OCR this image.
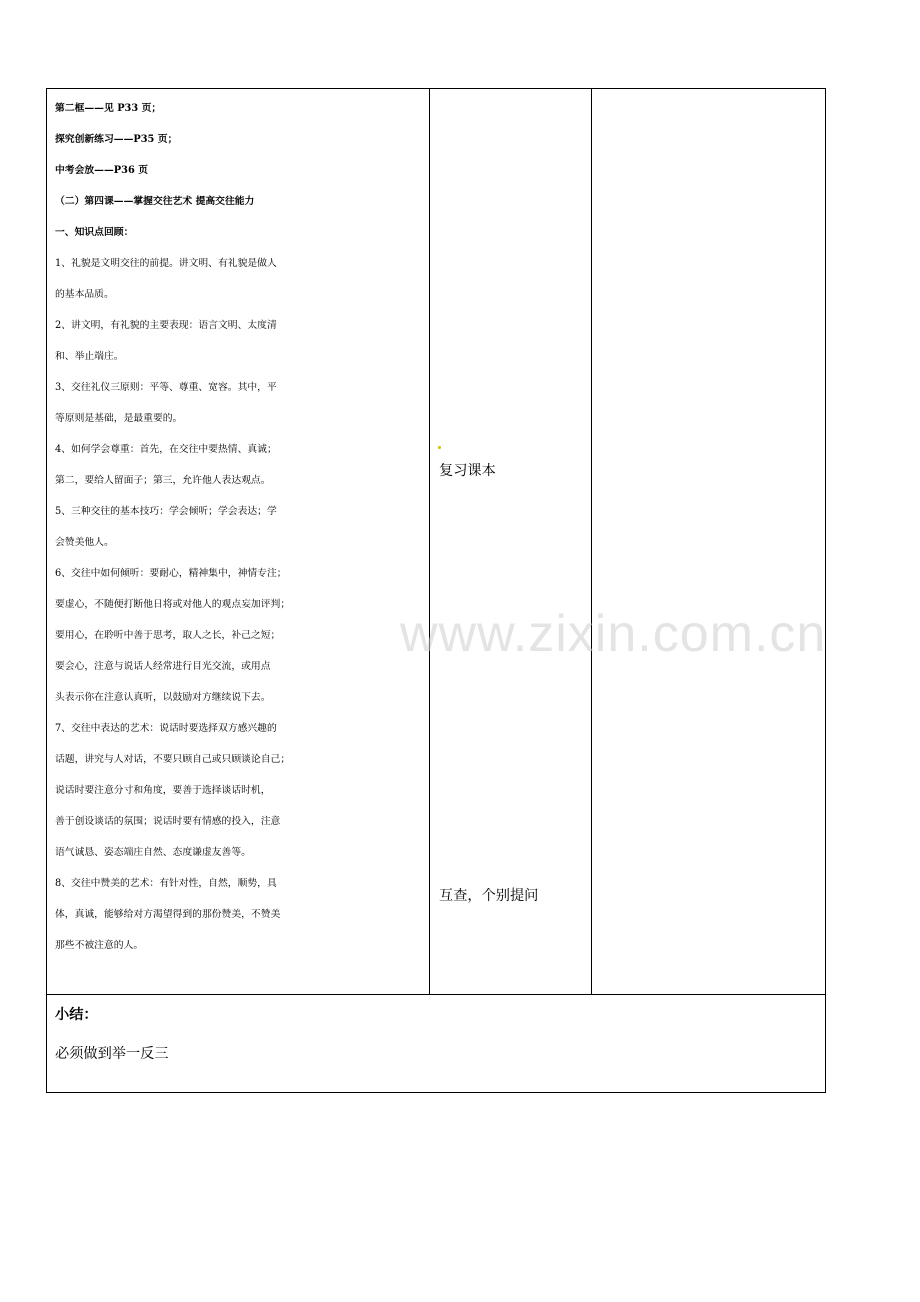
第二框——见 P33 页；
探究创新练习——P35 页；
中考会放——P36 页
（二）第四课——掌握交往艺术 提高交往能力
一、知识点回顾：
1、礼貌是文明交往的前提。讲文明、有礼貌是做人
的基本品质。
2、讲文明，有礼貌的主要表现：语言文明、太度清
和、举止端庄。
3、交往礼仪三原则：平等、尊重、宽容。其中，平
等原则是基础，是最重要的。
4、如何学会尊重：首先，在交往中要热情、真诚；
第二，要给人留面子；第三，允许他人表达观点。
5、三种交往的基本技巧：学会倾听；学会表达；学
会赞美他人。
6、交往中如何倾听：要耐心，精神集中，神情专注；
要虚心，不随便打断他日将或对他人的观点妄加评判；
要用心，在聆听中善于思考，取人之长，补己之短；
要会心，注意与说话人经常进行目光交流，或用点
头表示你在注意认真听，以鼓励对方继续说下去。
7、交往中表达的艺术：说话时要选择双方感兴趣的
话题，讲究与人对话，不要只顾自己或只顾谈论自己；
说话时要注意分寸和角度，要善于选择谈话时机，
善于创设谈话的氛围；说话时要有情感的投入，注意
语气诚恳、姿态端庄自然、态度谦虚友善等。
8、交往中赞美的艺术：有针对性，自然，顺势，具
体，真诚，能够给对方渴望得到的那份赞美，不赞美
那些不被注意的人。
复习课本
互查，个别提问
小结：
必须做到举一反三
www.zixin.com.cn
